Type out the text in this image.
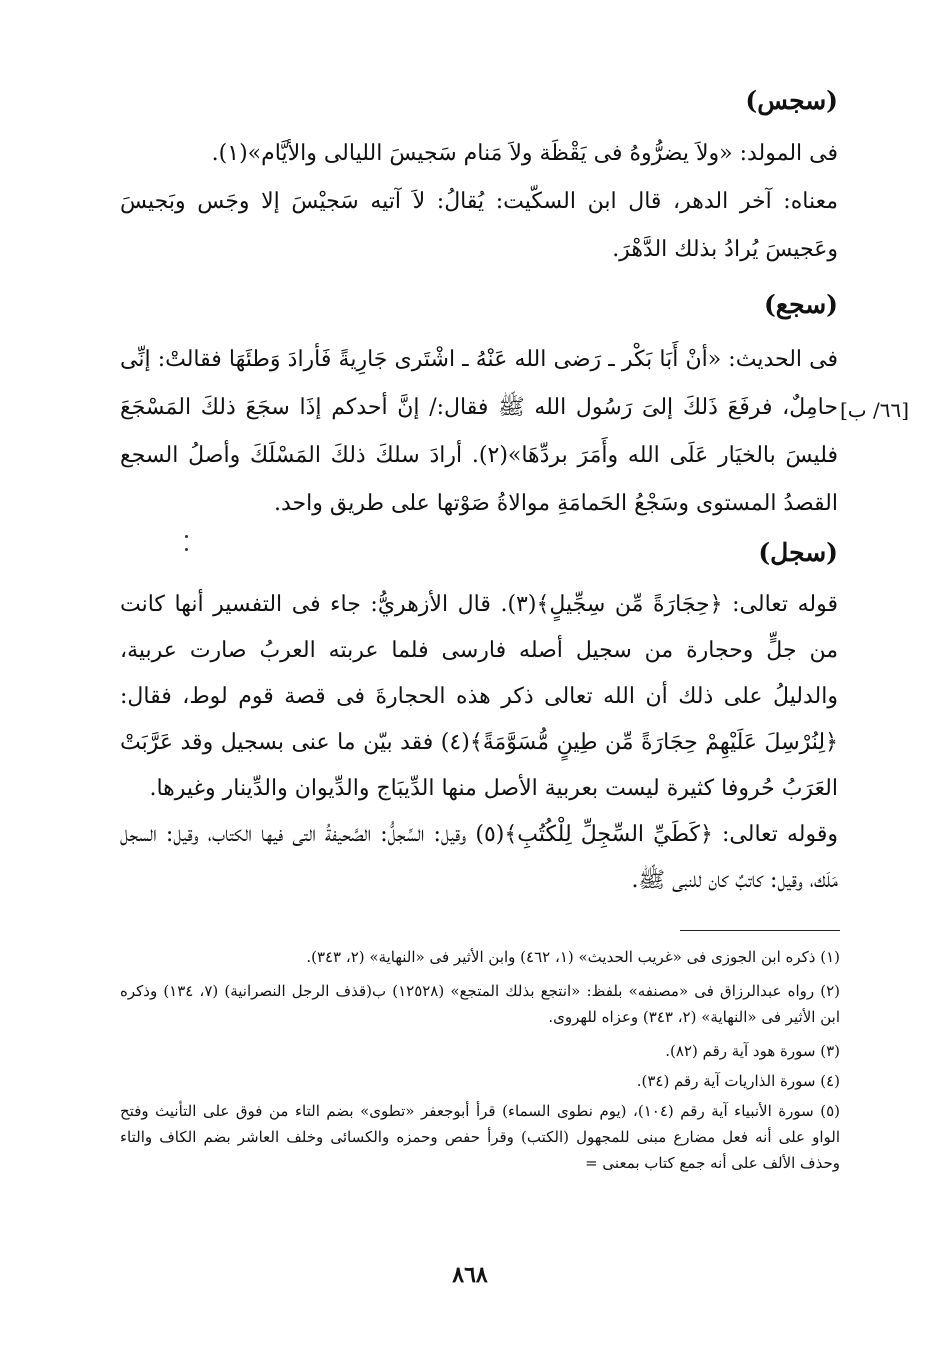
(سجس)

فى المولد: «ولاَ يضرُّوهُ فى يَقْظَة ولاَ مَنام سَجيسَ الليالى والأيَّام»(١).

معناه: آخر الدهر، قال ابن السكّيت: يُقالُ: لاَ آتيه سَجيْسَ إلا وجَس وبَجيسَ وعَجيسَ يُرادُ بذلك الدَّهْرَ.

(سجع)

فى الحديث: «أنْ أَبَا بَكْر ـ رَضى الله عَنْهُ ـ اشْتَرى جَارِيةً فَأرادَ وَطئَهَا فقالتْ: إنِّى حامِلٌ، فرفَعَ ذَلكَ إلىَ رَسُول الله ﷺ فقال:/ إنَّ أحدكم إذَا سجَعَ ذلكَ المَسْجَعَ فليسَ بالخيَار عَلَى الله وأَمَرَ بردِّهَا»(٢). أرادَ سلكَ ذلكَ المَسْلَكَ وأصلُ السجع القصدُ المستوى وسَجْعُ الحَمامَةِ موالاةُ صَوْتها على طريق واحد.

[٦٦/ ب]
(سجل)

قوله تعالى: ﴿حِجَارَةً مِّن سِجِّيلٍ﴾(٣). قال الأزهريُّ: جاء فى التفسير أنها كانت من جلٍّ وحجارة من سجيل أصله فارسى فلما عربته العربُ صارت عربية، والدليلُ على ذلك أن الله تعالى ذكر هذه الحجارةَ فى قصة قوم لوط، فقال: ﴿لِنُرْسِلَ عَلَيْهِمْ حِجَارَةً مِّن طِينٍ مُّسَوَّمَةً﴾(٤) فقد بيّن ما عنى بسجيل وقد عَرَّبَتْ العَرَبُ حُروفا كثيرة ليست بعربية الأصل منها الدِّيبَاج والدِّيوان والدِّينار وغيرها.

وقوله تعالى: ﴿كَطَيِّ السِّجِلِّ لِلْكُتُبِ﴾(٥) وقيل: السِّجلُّ: الصَّحيفةُ التى فيها الكتاب، وقيل: السجل مَلَك، وقيل: كاتبٌ كان للنبى ﷺ.

(١) ذكره ابن الجوزى فى «غريب الحديث» (١، ٤٦٢) وابن الأثير فى «النهاية» (٢، ٣٤٣).

(٢) رواه عبدالرزاق فى «مصنفه» بلفظ: «انتجع بذلك المتجع» (١٢٥٢٨) ب(قذف الرجل النصرانية) (٧، ١٣٤) وذكره ابن الأثير فى «النهاية» (٢، ٣٤٣) وعزاه للهروى.

(٣) سورة هود آية رقم (٨٢).

(٤) سورة الذاريات آية رقم (٣٤).

(٥) سورة الأنبياء آية رقم (١٠٤)، (يوم نطوى السماء) قرأ أبوجعفر «تطوى» بضم التاء من فوق على التأنيث وفتح الواو على أنه فعل مضارع مبنى للمجهول (الكتب) وقرأ حفص وحمزه والكسائى وخلف العاشر بضم الكاف والتاء وحذف الألف على أنه جمع كتاب بمعنى =

٨٦٨
